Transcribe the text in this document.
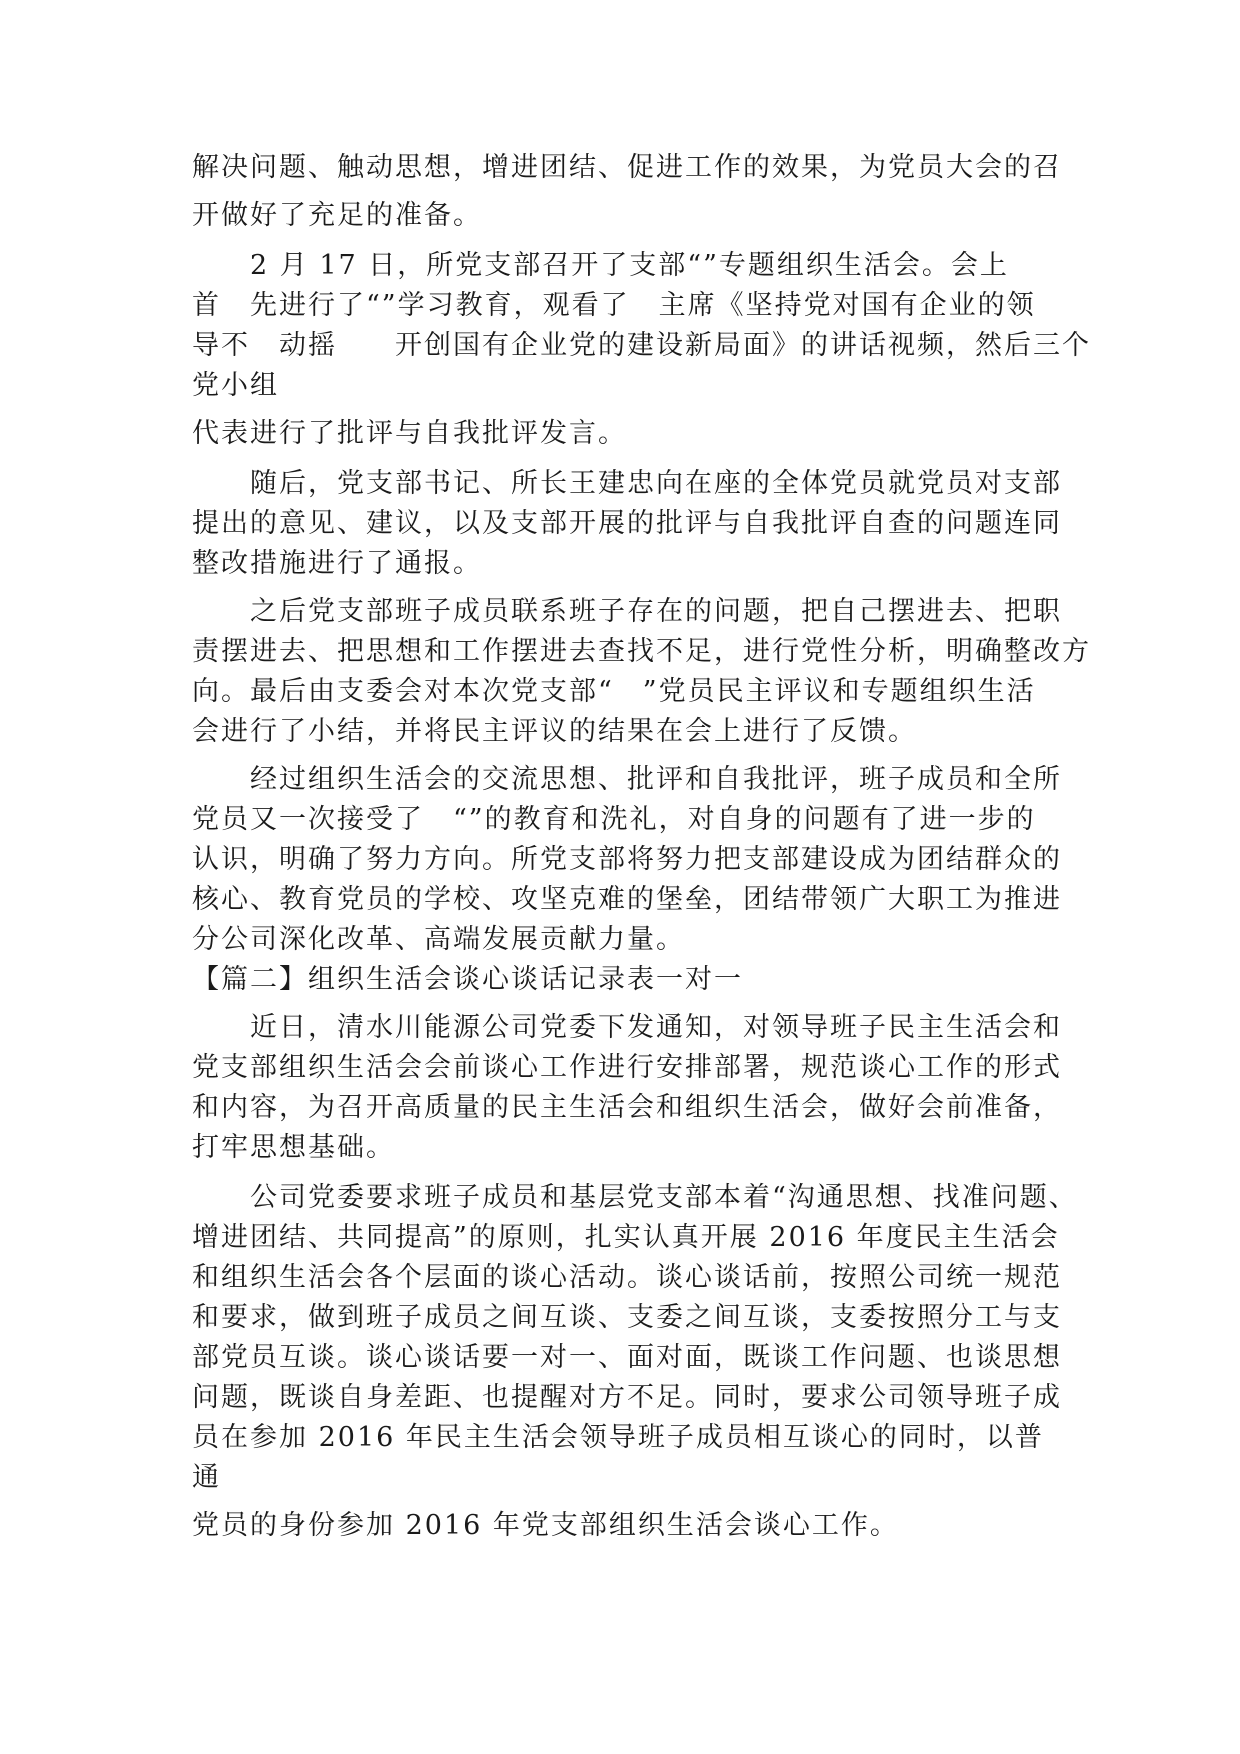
解决问题、触动思想，增进团结、促进工作的效果，为党员大会的召
开做好了充足的准备。
　　2 月 17 日，所党支部召开了支部“”专题组织生活会。会上
首　先进行了“”学习教育，观看了　主席《坚持党对国有企业的领
导不　动摇　　开创国有企业党的建设新局面》的讲话视频，然后三个
党小组
代表进行了批评与自我批评发言。
　　随后，党支部书记、所长王建忠向在座的全体党员就党员对支部
提出的意见、建议，以及支部开展的批评与自我批评自查的问题连同
整改措施进行了通报。
　　之后党支部班子成员联系班子存在的问题，把自己摆进去、把职
责摆进去、把思想和工作摆进去查找不足，进行党性分析，明确整改方
向。最后由支委会对本次党支部“　”党员民主评议和专题组织生活
会进行了小结，并将民主评议的结果在会上进行了反馈。
　　经过组织生活会的交流思想、批评和自我批评，班子成员和全所
党员又一次接受了　“”的教育和洗礼，对自身的问题有了进一步的
认识，明确了努力方向。所党支部将努力把支部建设成为团结群众的
核心、教育党员的学校、攻坚克难的堡垒，团结带领广大职工为推进
分公司深化改革、高端发展贡献力量。
【篇二】组织生活会谈心谈话记录表一对一
　　近日，清水川能源公司党委下发通知，对领导班子民主生活会和
党支部组织生活会会前谈心工作进行安排部署，规范谈心工作的形式
和内容，为召开高质量的民主生活会和组织生活会，做好会前准备，
打牢思想基础。
　　公司党委要求班子成员和基层党支部本着“沟通思想、找准问题、
增进团结、共同提高”的原则，扎实认真开展 2016 年度民主生活会
和组织生活会各个层面的谈心活动。谈心谈话前，按照公司统一规范
和要求，做到班子成员之间互谈、支委之间互谈，支委按照分工与支
部党员互谈。谈心谈话要一对一、面对面，既谈工作问题、也谈思想
问题，既谈自身差距、也提醒对方不足。同时，要求公司领导班子成
员在参加 2016 年民主生活会领导班子成员相互谈心的同时，以普
通
党员的身份参加 2016 年党支部组织生活会谈心工作。
